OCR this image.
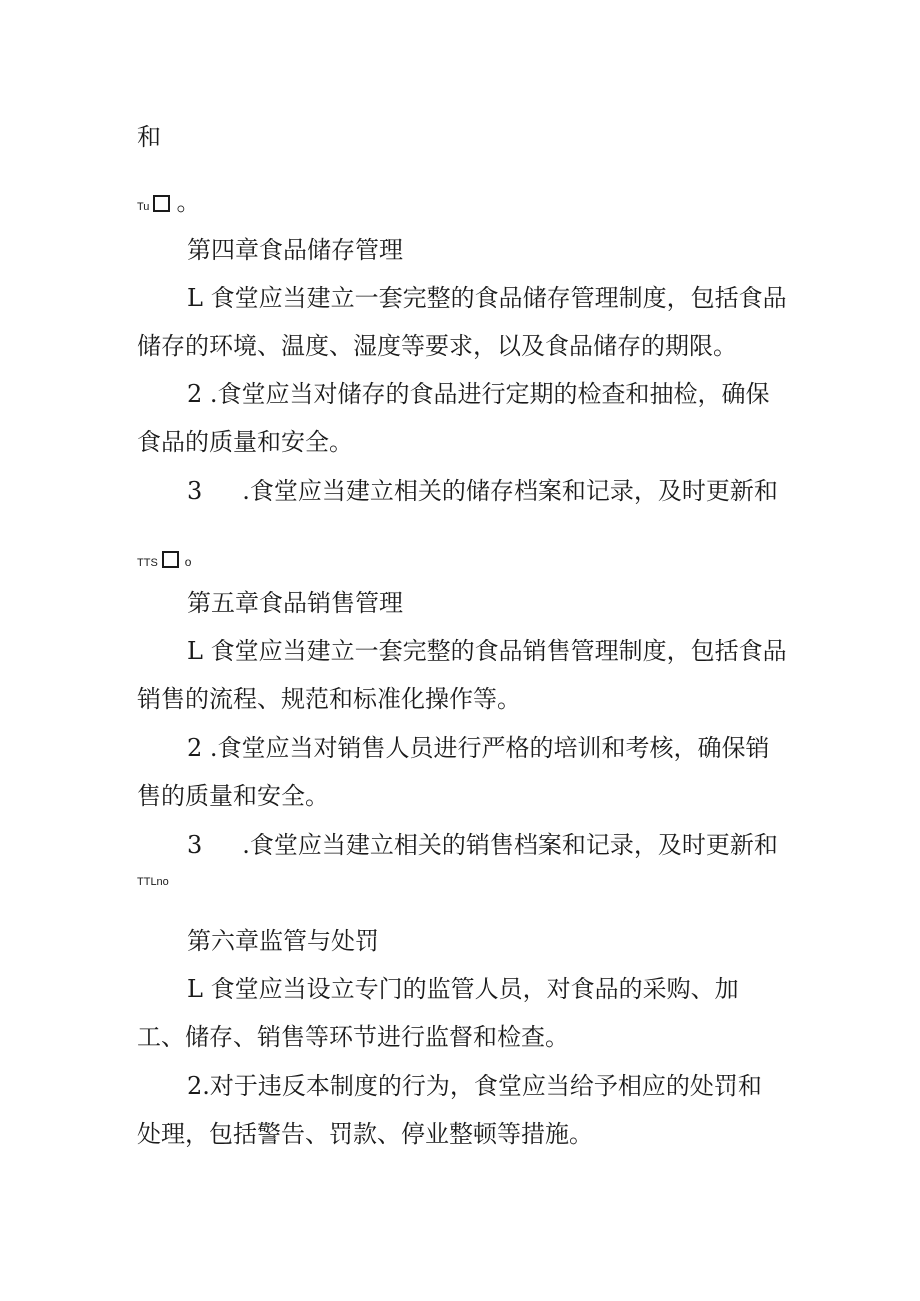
和
Tu 。
第四章食品储存管理
L 食堂应当建立一套完整的食品储存管理制度，包括食品
储存的环境、温度、湿度等要求，以及食品储存的期限。
2 .食堂应当对储存的食品进行定期的检查和抽检，确保
食品的质量和安全。
3 .食堂应当建立相关的储存档案和记录，及时更新和
TTS o
第五章食品销售管理
L 食堂应当建立一套完整的食品销售管理制度，包括食品
销售的流程、规范和标准化操作等。
2 .食堂应当对销售人员进行严格的培训和考核，确保销
售的质量和安全。
3 .食堂应当建立相关的销售档案和记录，及时更新和
TTLno
第六章监管与处罚
L 食堂应当设立专门的监管人员，对食品的采购、加
工、储存、销售等环节进行监督和检查。
2.对于违反本制度的行为，食堂应当给予相应的处罚和
处理，包括警告、罚款、停业整顿等措施。
